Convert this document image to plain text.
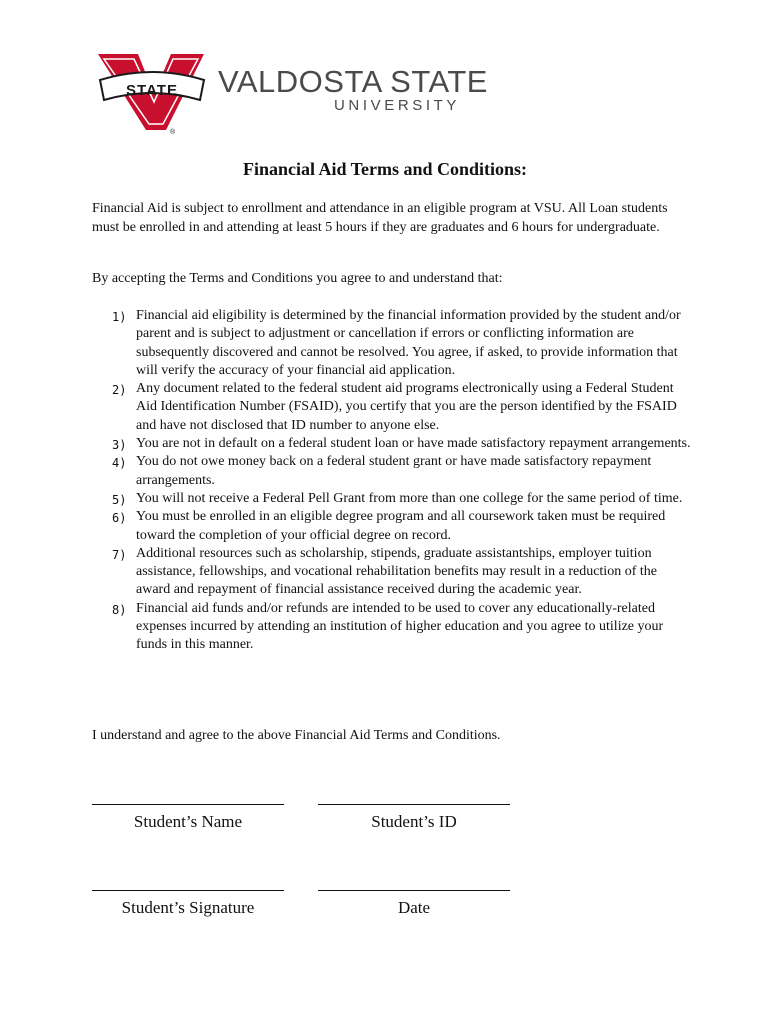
STATE
®
VALDOSTA STATE
UNIVERSITY
Financial Aid Terms and Conditions:

Financial Aid is subject to enrollment and attendance in an eligible program at VSU. All Loan students must be enrolled in and attending at least 5 hours if they are graduates and 6 hours for undergraduate.

By accepting the Terms and Conditions you agree to and understand that:

1) Financial aid eligibility is determined by the financial information provided by the student and/or parent and is subject to adjustment or cancellation if errors or conflicting information are subsequently discovered and cannot be resolved. You agree, if asked, to provide information that will verify the accuracy of your financial aid application.
2) Any document related to the federal student aid programs electronically using a Federal Student Aid Identification Number (FSAID), you certify that you are the person identified by the FSAID and have not disclosed that ID number to anyone else.
3) You are not in default on a federal student loan or have made satisfactory repayment arrangements.
4) You do not owe money back on a federal student grant or have made satisfactory repayment arrangements.
5) You will not receive a Federal Pell Grant from more than one college for the same period of time.
6) You must be enrolled in an eligible degree program and all coursework taken must be required toward the completion of your official degree on record.
7) Additional resources such as scholarship, stipends, graduate assistantships, employer tuition assistance, fellowships, and vocational rehabilitation benefits may result in a reduction of the award and repayment of financial assistance received during the academic year.
8) Financial aid funds and/or refunds are intended to be used to cover any educationally-related expenses incurred by attending an institution of higher education and you agree to utilize your funds in this manner.

I understand and agree to the above Financial Aid Terms and Conditions.

Student’s Name	Student’s ID
Student’s Signature	Date
